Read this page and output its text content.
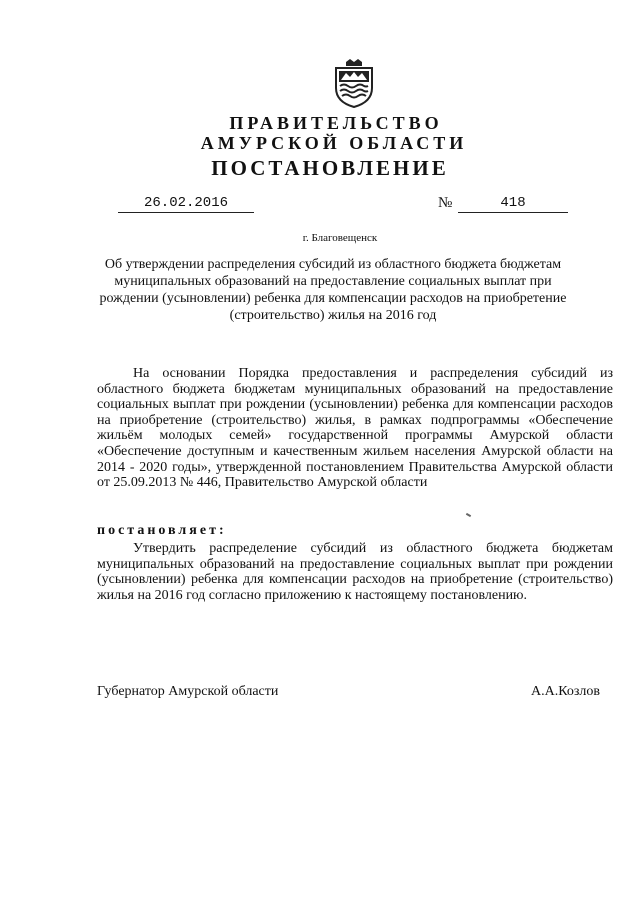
ПРАВИТЕЛЬСТВО
АМУРСКОЙ ОБЛАСТИ
ПОСТАНОВЛЕНИЕ
26.02.2016	№	418
г. Благовещенск
Об утверждении распределения субсидий из областного бюджета бюджетам муниципальных образований на предоставление социальных выплат при рождении (усыновлении) ребенка для компенсации расходов на приобретение (строительство) жилья на 2016 год

На основании Порядка предоставления и распределения субсидий из областного бюджета бюджетам муниципальных образований на предоставление социальных выплат при рождении (усыновлении) ребенка для компенсации расходов на приобретение (строительство) жилья, в рамках подпрограммы «Обеспечение жильём молодых семей» государственной программы Амурской области «Обеспечение доступным и качественным жильем населения Амурской области на 2014 - 2020 годы», утвержденной постановлением Правительства Амурской области от 25.09.2013 № 446, Правительство Амурской области

постановляет:

Утвердить распределение субсидий из областного бюджета бюджетам муниципальных образований на предоставление социальных выплат при рождении (усыновлении) ребенка для компенсации расходов на приобретение (строительство) жилья на 2016 год согласно приложению к настоящему постановлению.

Губернатор Амурской области	А.А.Козлов
